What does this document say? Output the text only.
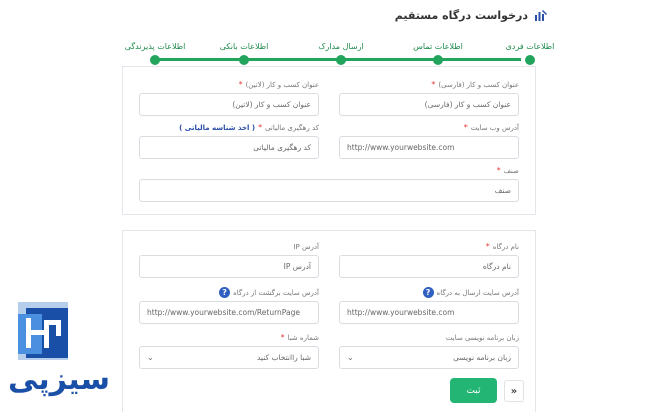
درخواست درگاه مستقیم
اطلاعات فردی
اطلاعات تماس
ارسال مدارک
اطلاعات بانکی
اطلاعات پذیرندگی
عنوان کسب و کار (فارسی)
*
عنوان کسب و کار (فارسی)
عنوان کسب و کار (لاتین)
*
عنوان کسب و کار (لاتین)
آدرس وب سایت
*
http://www.yourwebsite.com
کد رهگیری مالیاتی
*
( اخذ شناسه مالیاتی )
کد رهگیری مالیاتی
صنف
*
صنف
نام درگاه
*
نام درگاه
آدرس IP
آدرس IP
آدرس سایت ارسال به درگاه
?
http://www.yourwebsite.com
آدرس سایت برگشت از درگاه
?
http://www.yourwebsite.com/ReturnPage
زبان برنامه نویسی سایت
زبان برنامه نویسی
⌄
شماره شبا
*
شبا راانتخاب کنید
⌄
ثبت	«
سیزپی
